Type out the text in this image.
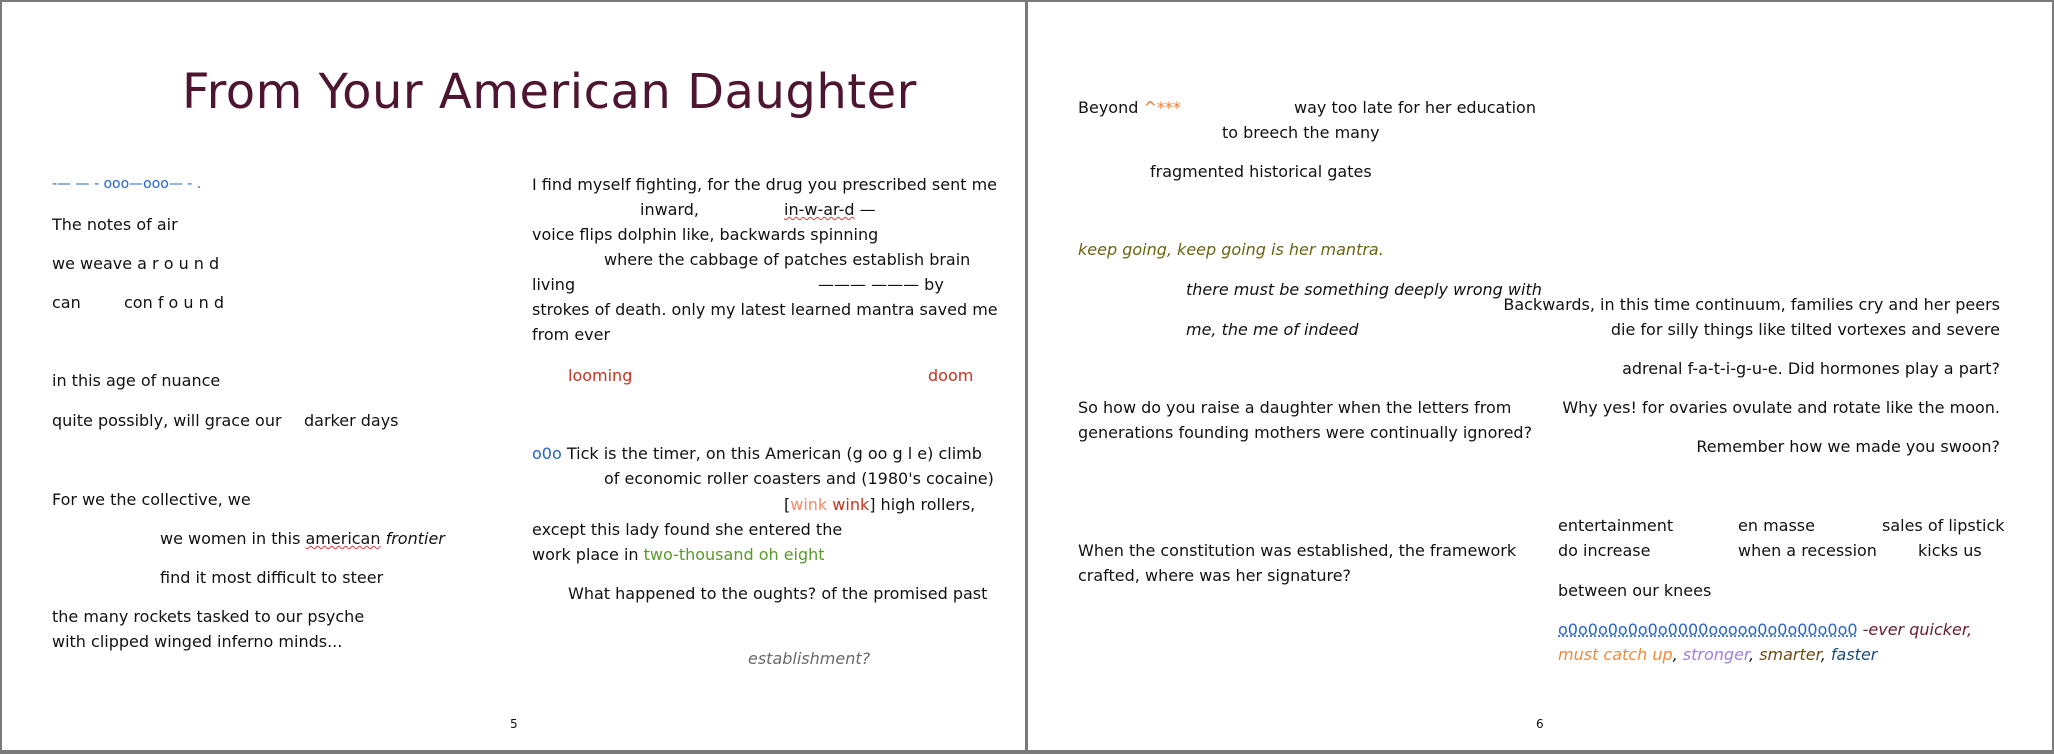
From Your American Daughter
-— — - ooo—ooo— - .
The notes of air
we weave a r o u n d
can	con f o u n d
in this age of nuance
quite possibly, will grace our darker days
For we the collective, we
we women in this american frontier
find it most difficult to steer
the many rockets tasked to our psyche
with clipped winged inferno minds...
I find myself fighting, for the drug you prescribed sent me
inward,	in-w-ar-d —
voice flips dolphin like, backwards spinning
where the cabbage of patches establish brain
living	——— ——— by
strokes of death. only my latest learned mantra saved me
from ever
looming	doom
o0o Tick is the timer, on this American (g oo g l e) climb
of economic roller coasters and (1980's cocaine)
[wink wink] high rollers,
except this lady found she entered the
work place in two-thousand oh eight
What happened to the oughts? of the promised past
establishment?
5
Beyond ^***	way too late for her education
to breech the many
fragmented historical gates
keep going, keep going is her mantra.
there must be something deeply wrong with
me, the me of indeed
So how do you raise a daughter when the letters from
generations founding mothers were continually ignored?
When the constitution was established, the framework
crafted, where was her signature?
Backwards, in this time continuum, families cry and her peers
die for silly things like tilted vortexes and severe
adrenal f-a-t-i-g-u-e. Did hormones play a part?
Why yes! for ovaries ovulate and rotate like the moon.
Remember how we made you swoon?
entertainment	en masse	sales of lipstick
do increase	when a recession	kicks us
between our knees
o0o0o0o0o0o0000ooooo0o0o00o0o0 -ever quicker,
must catch up, stronger, smarter, faster
6
